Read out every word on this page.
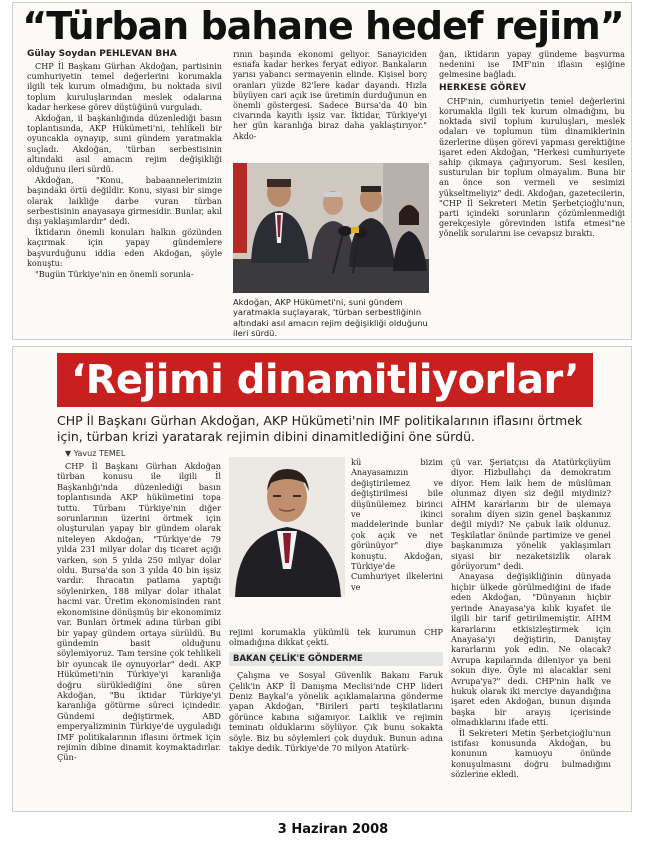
“Türban bahane hedef rejim”
Gülay Soydan PEHLEVAN BHA

CHP İl Başkanı Gürhan Akdoğan, partisinin cumhuriyetin temel değerlerini korumakla ilgili tek kurum olmadığını, bu noktada sivil toplum kuruluşlarından meslek odalarına kadar herkese görev düştüğünü vurguladı.

Akdoğan, il başkanlığında düzenlediği basın toplantısında, AKP Hükümeti'ni, tehlikeli bir oyuncakla oynayıp, suni gündem yaratmakla suçladı. Akdoğan, 'türban serbestisinin altındaki asıl amacın rejim değişikliği olduğunu ileri sürdü.

Akdoğan, "Konu, babaannelerimizin başındaki örtü değildir. Konu, siyasi bir simge olarak laikliğe darbe vuran türban serbestisinin anayasaya girmesidir. Bunlar, akıl dışı yaklaşımlardır" dedi.

İktidarın önemli konuları halkın gözünden kaçırmak için yapay gündemlere başvurduğunu iddia eden Akdoğan, şöyle konuştu:

"Bugün Türkiye'nin en önemli sorunla-

rının başında ekonomi geliyor. Sanayiciden esnafa kadar herkes feryat ediyor. Bankaların yarısı yabancı sermayenin elinde. Kişisel borç oranları yüzde 82'lere kadar dayandı. Hızla büyüyen cari açık ise üretimin durduğunun en önemli göstergesi. Sadece Bursa'da 40 bin civarında kayıtlı işsiz var. İktidar, Türkiye'yi her gün karanlığa biraz daha yaklaştırıyor." Akdo-

ğan, iktidarın yapay gündeme başvurma nedenini ise IMF'nin iflasın eşiğine gelmesine bağladı.

HERKESE GÖREV

CHP'nin, cumhuriyetin temel değerlerini korumakla ilgili tek kurum olmadığını, bu noktada sivil toplum kuruluşları, meslek odaları ve toplumun tüm dinamiklerinin üzerlerine düşen görevi yapması gerektiğine işaret eden Akdoğan, "Herkesi cumhuriyete sahip çıkmaya çağırıyorum. Sesi kesilen, susturulan bir toplum olmayalım. Buna bir an önce son vermeli ve sesimizi yükseltmeliyiz" dedi. Akdoğan, gazetecilerin, "CHP İl Sekreteri Metin Şerbetçioğlu'nun, parti içindeki sorunların çözümlenmediği gerekçesiyle görevinden istifa etmesi"ne yönelik sorularını ise cevapsız bıraktı.

Akdoğan, AKP Hükümeti'ni, suni gündem yaratmakla suçlayarak, 'türban serbestliğinin altındaki asıl amacın rejim değişikliği olduğunu ileri sürdü.
‘Rejimi dinamitliyorlar’
CHP İl Başkanı Gürhan Akdoğan, AKP Hükümeti'nin IMF politikalarının iflasını örtmek için, türban krizi yaratarak rejimin dibini dinamitlediğini öne sürdü.
▼ Yavuz TEMEL

CHP İl Başkanı Gürhan Akdoğan türban konusu ile ilgili İl Başkanlığı'nda düzenlediği basın toplantısında AKP hükümetini topa tuttu. Türbanı Türkiye'nin diğer sorunlarının üzerini örtmek için oluşturulan yapay bir gündem olarak niteleyen Akdoğan, "Türkiye'de 79 yılda 231 milyar dolar dış ticaret açığı varken, son 5 yılda 250 milyar dolar oldu. Bursa'da son 3 yılda 40 bin işsiz vardır. İhracatın patlama yaptığı söylenirken, 188 milyar dolar ithalat hacmi var. Üretim ekonomisinden rant ekonomisine dönüşmüş bir ekonomimiz var. Bunları örtmek adına türban gibi bir yapay gündem ortaya sürüldü. Bu gündemin basit olduğunu söylemiyoruz. Tam tersine çok tehlikeli bir oyuncak ile oynuyorlar" dedi. AKP Hükümeti'nin Türkiye'yi karanlığa doğru sürüklediğini öne süren Akdoğan, "Bu iktidar Türkiye'yi karanlığa götürme süreci içindedir. Gündemi değiştirmek, ABD emperyalizminin Türkiye'de uyguladığı IMF politikalarının iflasını örtmek için rejimin dibine dinamit koymaktadırlar. Çün-

kü bizim Anayasamızın değiştirilemez ve değiştirilmesi bile düşünülemez birinci ve ikinci maddelerinde bunlar çok açık ve net görünüyor" diye konuştu. Akdoğan, Türkiye'de Cumhuriyet ilkelerini ve

rejimi korumakla yükümlü tek kurumun CHP olmadığına dikkat çekti.

BAKAN ÇELİK'E GÖNDERME

Çalışma ve Sosyal Güvenlik Bakanı Faruk Çelik'in AKP İl Danışma Meclisi'nde CHP lideri Deniz Baykal'a yönelik açıklamalarına gönderme yapan Akdoğan, "Birileri parti teşkilatlarını görünce kabına sığamıyor. Laiklik ve rejimin teminatı olduklarını söylüyor. Çık bunu sokakta söyle. Biz bu söylemleri çok duyduk. Bunun adına takiye dedik. Türkiye'de 70 milyon Atatürk-

çü var. Şeriatçısı da Atatürkçüyüm diyor. Hizbullahçı da demokratım diyor. Hem laik hem de müslüman olunmaz diyen siz değil miydiniz? AİHM kararlarını bir de ulemaya soralım diyen sizin genel başkanınız değil miydi? Ne çabuk laik oldunuz. Teşkilatlar önünde partimize ve genel başkanımıza yönelik yaklaşımları siyasi bir nezaketsizlik olarak görüyorum" dedi.

Anayasa değişikliğinin dünyada hiçbir ülkede görülmediğini de ifade eden Akdoğan, "Dünyanın hiçbir yerinde Anayasa'ya kılık kıyafet ile ilgili bir tarif getirilmemiştir. AİHM kararlarını etkisizleştirmek için Anayasa'yı değiştirin, Danıştay kararlarını yok edin. Ne olacak? Avrupa kapılarında dileniyor ya beni sokun diye. Öyle mi alacaklar seni Avrupa'ya?" dedi. CHP'nin halk ve hukuk olarak iki merciye dayandığına işaret eden Akdoğan, bunun dışında başka bir arayış içerisinde olmadıklarını ifade etti.

İl Sekreteri Metin Şerbetçioğlu'nun istifası konusunda Akdoğan, bu konunun kamuoyu önünde konuşulmasını doğru bulmadığını sözlerine ekledi.

3 Haziran 2008
